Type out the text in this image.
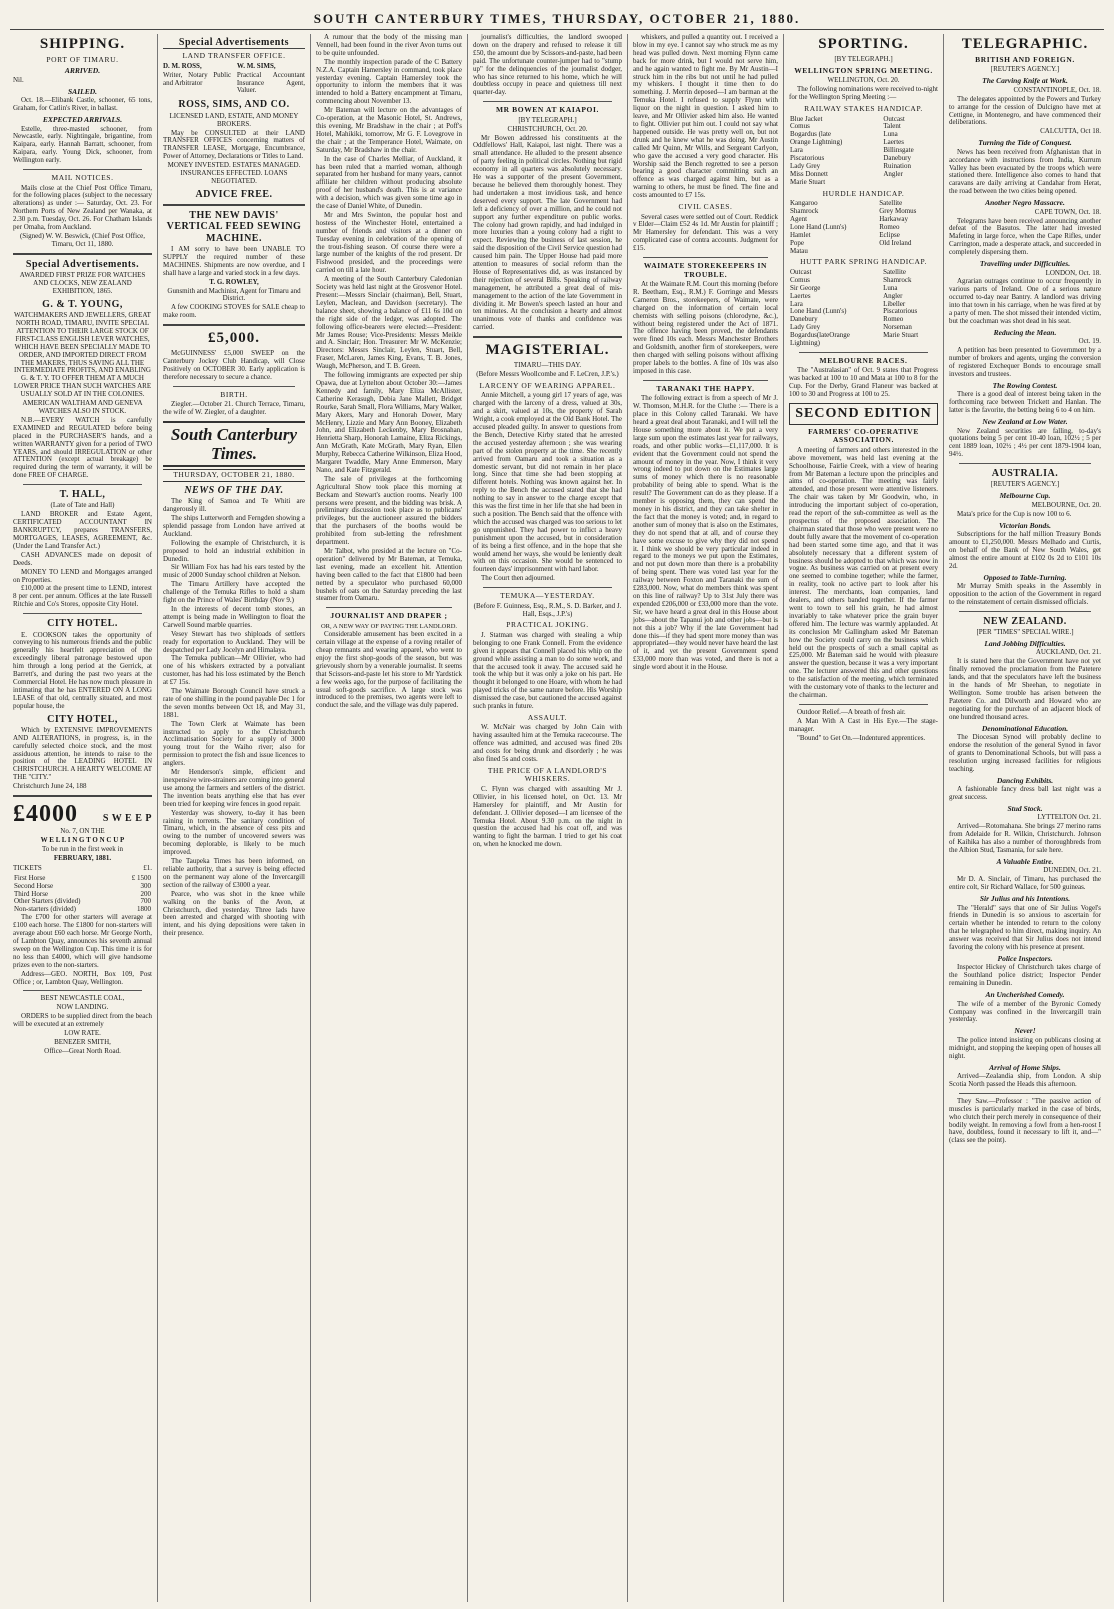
SOUTH CANTERBURY TIMES, THURSDAY, OCTOBER 21, 1880.
SHIPPING.
PORT OF TIMARU.
ARRIVED.

Nil.

SAILED.

Oct. 18.—Elibank Castle, schooner, 65 tons, Graham, for Catlin's River, in ballast.

EXPECTED ARRIVALS.

Estelle, three-masted schooner, from Newcastle, early. Nightingale, brigantine, from Kaipara, early. Hannah Barratt, schooner, from Kaipara, early. Young Dick, schooner, from Wellington early.

MAIL NOTICES.

Mails close at the Chief Post Office Timaru, for the following places (subject to the necessary alterations) as under :— Saturday, Oct. 23. For Northern Ports of New Zealand per Wanaka, at 2.30 p.m. Tuesday, Oct. 26. For Chatham Islands per Omaha, from Auckland.

(Signed) W. W. Beswick, (Chief Post Office, Timaru, Oct 11, 1880.

Special Advertisements.

AWARDED FIRST PRIZE FOR WATCHES AND CLOCKS, NEW ZEALAND EXHIBITION, 1865.

G. & T. YOUNG,

WATCHMAKERS AND JEWELLERS, GREAT NORTH ROAD, TIMARU, INVITE SPECIAL ATTENTION TO THEIR LARGE STOCK OF FIRST-CLASS ENGLISH LEVER WATCHES, WHICH HAVE BEEN SPECIALLY MADE TO ORDER, AND IMPORTED DIRECT FROM THE MAKERS, THUS SAVING ALL THE INTERMEDIATE PROFITS, AND ENABLING G. & T. Y. TO OFFER THEM AT A MUCH LOWER PRICE THAN SUCH WATCHES ARE USUALLY SOLD AT IN THE COLONIES.

AMERICAN WALTHAM AND GENEVA WATCHES ALSO IN STOCK.

N.B.—EVERY WATCH is carefully EXAMINED and REGULATED before being placed in the PURCHASER'S hands, and a written WARRANTY given for a period of TWO YEARS, and should IRREGULATION or other ATTENTION (except actual breakage) be required during the term of warranty, it will be done FREE OF CHARGE.

T. HALL,

(Late of Tate and Hall)

LAND BROKER and Estate Agent, CERTIFICATED ACCOUNTANT IN BANKRUPTCY, prepares TRANSFERS, MORTGAGES, LEASES, AGREEMENT, &c. (Under the Land Transfer Act.)

CASH ADVANCES made on deposit of Deeds.

MONEY TO LEND and Mortgages arranged on Properties.

£10,000 at the present time to LEND, interest 8 per cent. per annum. Offices at the late Russell Ritchie and Co's Stores, opposite City Hotel.

CITY HOTEL.

E. COOKSON takes the opportunity of conveying to his numerous friends and the public generally his heartfelt appreciation of the exceedingly liberal patronage bestowed upon him through a long period at the Gerrick, at Barrett's, and during the past two years at the Commercial Hotel. He has now much pleasure in intimating that he has ENTERED ON A LONG LEASE of that old, centrally situated, and most popular house, the

CITY HOTEL,

Which by EXTENSIVE IMPROVEMENTS AND ALTERATIONS, in progress, is, in the carefully selected choice stock, and the most assiduous attention, he intends to raise to the position of the LEADING HOTEL IN CHRISTCHURCH. A HEARTY WELCOME AT THE "CITY."

Christchurch June 24, 188

£4000 S W E E P

No. 7, ON THE

W E L L I N G T O N C U P

To be run in the first week in

FEBRUARY, 1881.

TICKETS	£1.
First Horse	£ 1500
Second Horse	300
Third Horse	200
Other Starters (divided)	700
Non-starters (divided)	1800

The £700 for other starters will average at £100 each horse. The £1800 for non-starters will average about £60 each horse. Mr George North, of Lambton Quay, announces his seventh annual sweep on the Wellington Cup. This time it is for no less than £4000, which will give handsome prizes even to the non-starters.

Address—GEO. NORTH, Box 109, Post Office ; or, Lambton Quay, Wellington.

BEST NEWCASTLE COAL,

NOW LANDING.

ORDERS to be supplied direct from the beach will be executed at an extremely

LOW RATE.

BENEZER SMITH,

Office—Great North Road.

Special Advertisements
LAND TRANSFER OFFICE.

D. M. ROSS,

Writer, Notary Public and Arbitrator

W. M. SIMS,

Practical Accountant Insurance Agent, Valuer.

ROSS, SIMS, AND CO.

LICENSED LAND, ESTATE, AND MONEY BROKERS.

May be CONSULTED at their LAND TRANSFER OFFICES concerning matters of TRANSFER LEASE, Mortgage, Encumbrance, Power of Attorney, Declarations or Titles to Land.

MONEY INVESTED. ESTATES MANAGED. INSURANCES EFFECTED. LOANS NEGOTIATED.

ADVICE FREE.
THE NEW DAVIS' VERTICAL FEED SEWING MACHINE.

I AM sorry to have been UNABLE TO SUPPLY the required number of these MACHINES. Shipments are now overdue, and I shall have a large and varied stock in a few days.

T. G. ROWLEY,

Gunsmith and Machinist, Agent for Timaru and District.

A few COOKING STOVES for SALE cheap to make room.

£5,000.

McGUINNESS' £5,000 SWEEP on the Canterbury Jockey Club Handicap, will Close Positively on OCTOBER 30. Early application is therefore necessary to secure a chance.

BIRTH.

Ziegler.—October 21. Church Terrace, Timaru, the wife of W. Ziegler, of a daughter.

South Canterbury Times.
THURSDAY, OCTOBER 21, 1880.
NEWS OF THE DAY.

The King of Samoa and Te Whiti are dangerously ill.

The ships Lutterworth and Ferngden showing a splendid passage from London have arrived at Auckland.

Following the example of Christchurch, it is proposed to hold an industrial exhibition in Dunedin.

Sir William Fox has had his ears tested by the music of 2000 Sunday school children at Nelson.

The Timaru Artillery have accepted the challenge of the Temuka Rifles to hold a sham fight on the Prince of Wales' Birthday (Nov 9.)

In the interests of decent tomb stones, an attempt is being made in Wellington to float the Carwell Sound marble quarries.

Vesey Stewart has two shiploads of settlers ready for exportation to Auckland. They will be despatched per Lady Jocelyn and Himalaya.

The Temuka publican—Mr Ollivier, who had one of his whiskers extracted by a potvaliant customer, has had his loss estimated by the Bench at £7 15s.

The Waimate Borough Council have struck a rate of one shilling in the pound payable Dec 1 for the seven months between Oct 18, and May 31, 1881.

The Town Clerk at Waimate has been instructed to apply to the Christchurch Acclimatisation Society for a supply of 3000 young trout for the Waiho river; also for permission to protect the fish and issue licences to anglers.

Mr Henderson's simple, efficient and inexpensive wire-strainers are coming into general use among the farmers and settlers of the district. The invention beats anything else that has ever been tried for keeping wire fences in good repair.

Yesterday was showery, to-day it has been raining in torrents. The sanitary condition of Timaru, which, in the absence of cess pits and owing to the number of uncovered sewers was becoming deplorable, is likely to be much improved.

The Taupeka Times has been informed, on reliable authority, that a survey is being effected on the permanent way alone of the Invercargill section of the railway of £3000 a year.

Pearce, who was shot in the knee while walking on the banks of the Avon, at Christchurch, died yesterday. Three lads have been arrested and charged with shooting with intent, and his dying depositions were taken in their presence.

A rumour that the body of the missing man Vennell, had been found in the river Avon turns out to be quite unfounded.

The monthly inspection parade of the C Battery N.Z.A. Captain Hamersley in command, took place yesterday evening. Captain Hamersley took the opportunity to inform the members that it was intended to hold a Battery encampment at Timaru, commencing about November 13.

Mr Bateman will lecture on the advantages of Co-operation, at the Masonic Hotel, St. Andrews, this evening, Mr Bradshaw in the chair ; at Poff's Hotel, Mahikiki, tomorrow, Mr G. F. Lovegrove in the chair ; at the Temperance Hotel, Waimate, on Saturday, Mr Bradshaw in the chair.

In the case of Charles Melliar, of Auckland, it has been ruled that a married woman, although separated from her husband for many years, cannot affiliate her children without producing absolute proof of her husband's death. This is at variance with a decision, which was given some time ago in the case of Daniel White, of Dunedin.

Mr and Mrs Swinton, the popular host and hostess of the Winchester Hotel, entertained a number of friends and visitors at a dinner on Tuesday evening in celebration of the opening of the trout-fishing season. Of course there were a large number of the knights of the rod present. Dr Fishwood presided, and the proceedings were carried on till a late hour.

A meeting of the South Canterbury Caledonian Society was held last night at the Grosvenor Hotel. Present:—Messrs Sinclair (chairman), Bell, Stuart, Leylen, Maclean, and Davidson (secretary). The balance sheet, showing a balance of £11 6s 10d on the right side of the ledger, was adopted. The following office-bearers were elected:—President: Mr James Rouse; Vice-Presidents: Messrs Meikle and A. Sinclair; Hon. Treasurer: Mr W. McKenzie; Directors: Messrs Sinclair, Leylen, Stuart, Bell, Fraser, McLaren, James King, Evans, T. B. Jones, Waugh, McPherson, and T. B. Green.

The following immigrants are expected per ship Opawa, due at Lyttelton about October 30:—James Kennedy and family, Mary Eliza McAllister, Catherine Kerasugh, Debia Jane Mallett, Bridget Rourke, Sarah Small, Flora Williams, Mary Walker, Mary Akers, Mary and Honorah Dower, Mary McHenry, Lizzie and Mary Ann Booney, Elizabeth John, and Elizabeth Leckenby, Mary Brosnahan, Henrietta Sharp, Honorah Lamaine, Eliza Rickings, Ann McGrath, Kate McGrath, Mary Ryan, Ellen Murphy, Rebecca Catherine Wilkinson, Eliza Hood, Margaret Twaddle, Mary Anne Emmerson, Mary Nano, and Kate Fitzgerald.

The sale of privileges at the forthcoming Agricultural Show took place this morning at Beckam and Stewart's auction rooms. Nearly 100 persons were present, and the bidding was brisk. A preliminary discussion took place as to publicans' privileges, but the auctioneer assured the bidders that the purchasers of the booths would be prohibited from sub-letting the refreshment department.

Mr Talbot, who presided at the lecture on "Co-operation" delivered by Mr Bateman, at Temuka, last evening, made an excellent hit. Attention having been called to the fact that £1800 had been netted by a speculator who purchased 60,000 bushels of oats on the Saturday preceding the last steamer from Oamaru.

JOURNALIST AND DRAPER ;

OR, A NEW WAY OF PAYING THE LANDLORD.

Considerable amusement has been excited in a certain village at the expense of a roving retailer of cheap remnants and wearing apparel, who went to enjoy the first shop-goods of the season, but was grievously shorn by a venerable journalist. It seems that Scissors-and-paste let his store to Mr Yardstick a few weeks ago, for the purpose of facilitating the usual soft-goods sacrifice. A large stock was introduced to the premises, two agents were left to conduct the sale, and the village was duly papered.

journalist's difficulties, the landlord swooped down on the drapery and refused to release it till £50, the amount due by Scissors-and-paste, had been paid. The unfortunate counter-jumper had to "stump up" for the delinquencies of the journalist dodger, who has since returned to his home, which he will doubtless occupy in peace and quietness till next quarter-day.

MR BOWEN AT KAIAPOI.

[BY TELEGRAPH.]

CHRISTCHURCH, Oct. 20.

Mr Bowen addressed his constituents at the Oddfellows' Hall, Kaiapoi, last night. There was a small attendance. He alluded to the present absence of party feeling in political circles. Nothing but rigid economy in all quarters was absolutely necessary. He was a supporter of the present Government, because he believed them thoroughly honest. They had undertaken a most invidious task, and hence deserved every support. The late Government had left a deficiency of over a million, and he could not support any further expenditure on public works. The colony had grown rapidly, and had indulged in more luxuries than a young colony had a right to expect. Reviewing the business of last session, he said the disposition of the Civil Service question had caused him pain. The Upper House had paid more attention to measures of social reform than the House of Representatives did, as was instanced by their rejection of several Bills. Speaking of railway management, he attributed a great deal of mis-management to the action of the late Government in dividing it. Mr Bowen's speech lasted an hour and ten minutes. At the conclusion a hearty and almost unanimous vote of thanks and confidence was carried.

MAGISTERIAL.

TIMARU—THIS DAY.

(Before Messrs Woollcombe and F. LeCren, J.P.'s.)

LARCENY OF WEARING APPAREL.

Annie Mitchell, a young girl 17 years of age, was charged with the larceny of a dress, valued at 30s, and a skirt, valued at 10s, the property of Sarah Wright, a cook employed at the Old Bank Hotel. The accused pleaded guilty. In answer to questions from the Bench, Detective Kirby stated that he arrested the accused yesterday afternoon ; she was wearing part of the stolen property at the time. She recently arrived from Oamaru and took a situation as a domestic servant, but did not remain in her place long. Since that time she had been stopping at different hotels. Nothing was known against her. In reply to the Bench the accused stated that she had nothing to say in answer to the charge except that this was the first time in her life that she had been in such a position. The Bench said that the offence with which the accused was charged was too serious to let go unpunished. They had power to inflict a heavy punishment upon the accused, but in consideration of its being a first offence, and in the hope that she would amend her ways, she would be leniently dealt with on this occasion. She would be sentenced to fourteen days' imprisonment with hard labor.

The Court then adjourned.

TEMUKA—YESTERDAY.

(Before F. Guinness, Esq., R.M., S. D. Barker, and J. Hall, Esqs., J.P.'s)

PRACTICAL JOKING.

J. Statman was charged with stealing a whip belonging to one Frank Connell. From the evidence given it appears that Connell placed his whip on the ground while assisting a man to do some work, and that the accused took it away. The accused said he took the whip but it was only a joke on his part. He thought it belonged to one Hoare, with whom he had played tricks of the same nature before. His Worship dismissed the case, but cautioned the accused against such pranks in future.

ASSAULT.

W. McNair was charged by John Cain with having assaulted him at the Temuka racecourse. The offence was admitted, and accused was fined 20s and costs for being drunk and disorderly ; he was also fined 5s and costs.

THE PRICE OF A LANDLORD'S WHISKERS.

C. Flynn was charged with assaulting Mr J. Ollivier, in his licensed hotel, on Oct. 13. Mr Hamersley for plaintiff, and Mr Austin for defendant. J. Ollivier deposed—I am licensee of the Temuka Hotel. About 9.30 p.m. on the night in question the accused had his coat off, and was wanting to fight the barman. I tried to get his coat on, when he knocked me down.

whiskers, and pulled a quantity out. I received a blow in my eye. I cannot say who struck me as my head was pulled down. Next morning Flynn came back for more drink, but I would not serve him, and he again wanted to fight me. By Mr Austin—I struck him in the ribs but not until he had pulled my whiskers. I thought it time then to do something. J. Merrin deposed—I am barman at the Temuka Hotel. I refused to supply Flynn with liquor on the night in question. I asked him to leave, and Mr Ollivier asked him also. He wanted to fight. Ollivier put him out. I could not say what happened outside. He was pretty well on, but not drunk and he knew what he was doing. Mr Austin called Mr Quinn, Mr Wills, and Sergeant Carlyon, who gave the accused a very good character. His Worship said the Bench regretted to see a person bearing a good character committing such an offence as was charged against him, but as a warning to others, he must be fined. The fine and costs amounted to £7 15s.

CIVIL CASES.

Several cases were settled out of Court. Reddick v Elder—Claim £52 4s 1d. Mr Austin for plaintiff ; Mr Hamersley for defendant. This was a very complicated case of contra accounts. Judgment for £15.

WAIMATE STOREKEEPERS IN TROUBLE.

At the Waimate R.M. Court this morning (before R. Beetham, Esq., R.M.) F. Gorringe and Messrs Cameron Bros., storekeepers, of Waimate, were charged on the information of certain local chemists with selling poisons (chlorodyne, &c.), without being registered under the Act of 1871. The offence having been proved, the defendants were fined 10s each. Messrs Manchester Brothers and Goldsmith, another firm of storekeepers, were then charged with selling poisons without affixing proper labels to the bottles. A fine of 10s was also imposed in this case.

TARANAKI THE HAPPY.

The following extract is from a speech of Mr J. W. Thomson, M.H.R. for the Cluthe :— There is a place in this Colony called Taranaki. We have heard a great deal about Taranaki, and I will tell the House something more about it. We put a very large sum upon the estimates last year for railways, roads, and other public works—£1,117,000. It is evident that the Government could not spend the amount of money in the year. Now, I think it very wrong indeed to put down on the Estimates large sums of money which there is no reasonable probability of being able to spend. What is the result? The Government can do as they please. If a member is opposing them, they can spend the money in his district, and they can take shelter in the fact that the money is voted; and, in regard to another sum of money that is also on the Estimates, they do not spend that at all, and of course they have some excuse to give why they did not spend it. I think we should be very particular indeed in regard to the moneys we put upon the Estimates, and not put down more than there is a probability of being spent. There was voted last year for the railway between Foxton and Taranaki the sum of £283,000. Now, what do members think was spent on this line of railway? Up to 31st July there was expended £206,000 or £33,000 more than the vote. Sir, we have heard a great deal in this House about jobs—about the Tapanui job and other jobs—but is not this a job? Why if the late Government had done this—if they had spent more money than was appropriated—they would never have heard the last of it, and yet the present Government spend £33,000 more than was voted, and there is not a single word about it in the House.

SPORTING.

[BY TELEGRAPH.]

WELLINGTON SPRING MEETING.

WELLINGTON, Oct. 20.

The following nominations were received to-night for the Wellington Spring Meeting :—

RAILWAY STAKES HANDICAP.
Blue Jacket	Outcast
Comus	Talent
Bogardus (late	Luna
Orange Lightning)	Laertes
Lara	Billinsgate
Piscatorious	Danebury
Lady Grey	Ruination
Miss Donnett	Angler
Marie Stuart	
HURDLE HANDICAP.
Kangaroo	Satellite
Shamrock	Grey Momus
Agent	Harkaway
Lone Hand (Lunn's)	Romeo
Hamlet	Eclipse
Pope	Old Ireland
Matau	
HUTT PARK SPRING HANDICAP.
Outcast	Satellite
Comus	Shamrock
Sir George	Luna
Laertes	Angler
Lara	Libeller
Lone Hand (Lunn's)	Piscatorious
Danebury	Romeo
Lady Grey	Norseman
Bogardus(lateOrange	Marie Stuart
Lightning)	
MELBOURNE RACES.

The "Australasian" of Oct. 9 states that Progress was backed at 100 to 10 and Mata at 100 to 8 for the Cup. For the Derby, Grand Flaneur was backed at 100 to 30 and Progress at 100 to 25.

SECOND EDITION
FARMERS' CO-OPERATIVE ASSOCIATION.

A meeting of farmers and others interested in the above movement, was held last evening at the Schoolhouse, Fairlie Creek, with a view of hearing from Mr Bateman a lecture upon the principles and aims of co-operation. The meeting was fairly attended, and those present were attentive listeners. The chair was taken by Mr Goodwin, who, in introducing the important subject of co-operation, read the report of the sub-committee as well as the prospectus of the proposed association. The chairman stated that those who were present were no doubt fully aware that the movement of co-operation had been started some time ago, and that it was absolutely necessary that a different system of business should be adopted to that which was now in vogue. As business was carried on at present every one seemed to combine together; while the farmer, in reality, took no active part to look after his interest. The merchants, loan companies, land dealers, and others banded together. If the farmer went to town to sell his grain, he had almost invariably to take whatever price the grain buyer offered him. The lecture was warmly applauded. At its conclusion Mr Gallingham asked Mr Bateman how the Society could carry on the business which held out the prospects of such a small capital as £25,000. Mr Bateman said he would with pleasure answer the question, because it was a very important one. The lecturer answered this and other questions to the satisfaction of the meeting, which terminated with the customary vote of thanks to the lecturer and the chairman.

Outdoor Relief.—A breath of fresh air.

A Man With A Cast in His Eye.—The stage-manager.

"Bound" to Get On.—Indentured apprentices.

TELEGRAPHIC.
BRITISH AND FOREIGN.

[REUTER'S AGENCY.]

The Carving Knife at Work.

CONSTANTINOPLE, Oct. 18.

The delegates appointed by the Powers and Turkey to arrange for the cession of Dulcigno have met at Cettigne, in Montenegro, and have commenced their deliberations.

CALCUTTA, Oct 18.

Turning the Tide of Conquest.

News has been received from Afghanistan that in accordance with instructions from India, Kurrum Valley has been evacuated by the troops which were stationed there. Intelligence also comes to hand that caravans are daily arriving at Candahar from Herat, the road between the two cities being opened.

Another Negro Massacre.

CAPE TOWN, Oct. 18.

Telegrams have been received announcing another defeat of the Basutos. The latter had invested Mafeting in large force, when the Cape Rifles, under Carrington, made a desperate attack, and succeeded in completely dispersing them.

Travelling under Difficulties.

LONDON, Oct. 18.

Agrarian outrages continue to occur frequently in various parts of Ireland. One of a serious nature occurred to-day near Bantry. A landlord was driving into that town in his carriage, when he was fired at by a party of men. The shot missed their intended victim, but the coachman was shot dead in his seat.

Reducing the Mean.

Oct. 19.

A petition has been presented to Government by a number of brokers and agents, urging the conversion of registered Exchequer Bonds to encourage small investors and trustees.

The Rowing Contest.

There is a good deal of interest being taken in the forthcoming race between Trickett and Hanlan. The latter is the favorite, the betting being 6 to 4 on him.

New Zealand at Low Water.

New Zealand securities are falling, to-day's quotations being 5 per cent 10-40 loan, 102½ ; 5 per cent 1889 loan, 102½ ; 4½ per cent 1879-1904 loan, 94½.

AUSTRALIA.

[REUTER'S AGENCY.]

Melbourne Cup.

MELBOURNE, Oct. 20.

Mata's price for the Cup is now 100 to 6.

Victorian Bonds.

Subscriptions for the half million Treasury Bonds amount to £1,250,000. Messrs Melhado and Curtis, on behalf of the Bank of New South Wales, get almost the entire amount at £102 0s 2d to £101 10s 2d.

Opposed to Table-Turning.

Mr Murray Smith speaks in the Assembly in opposition to the action of the Government in regard to the reinstatement of certain dismissed officials.

NEW ZEALAND.

[PER "TIMES" SPECIAL WIRE.]

Land Jobbing Difficulties.

AUCKLAND, Oct. 21.

It is stated here that the Government have not yet finally removed the proclamation from the Patetere lands, and that the speculators have left the business in the hands of Mr Sheehan, to negotiate in Wellington. Some trouble has arisen between the Patetere Co. and Dilworth and Howard who are negotiating for the purchase of an adjacent block of one hundred thousand acres.

Denominational Education.

The Diocesan Synod will probably decline to endorse the resolution of the general Synod in favor of grants to Denominational Schools, but will pass a resolution urging increased facilities for religious teaching.

Dancing Exhibits.

A fashionable fancy dress ball last night was a great success.

Stud Stock.

LYTTELTON Oct. 21.

Arrived—Rotomahana. She brings 27 merino rams from Adelaide for R. Wilkin, Christchurch. Johnson of Kaihika has also a number of thoroughbreds from the Albion Stud, Tasmania, for sale here.

A Valuable Entire.

DUNEDIN, Oct. 21.

Mr D. A. Sinclair, of Timaru, has purchased the entire colt, Sir Richard Wallace, for 500 guineas.

Sir Julius and his Intentions.

The "Herald" says that one of Sir Julius Vogel's friends in Dunedin is so anxious to ascertain for certain whether he intended to return to the colony that he telegraphed to him direct, making inquiry. An answer was received that Sir Julius does not intend favoring the colony with his presence at present.

Police Inspectors.

Inspector Hickey of Christchurch takes charge of the Southland police district; Inspector Pender remaining in Dunedin.

An Uncherished Comedy.

The wife of a member of the Byronic Comedy Company was confined in the Invercargill train yesterday.

Never!

The police intend insisting on publicans closing at midnight, and stopping the keeping open of houses all night.

Arrival of Home Ships.

Arrived—Zealandia ship, from London. A ship Scotia North passed the Heads this afternoon.

They Saw.—Professor : "The passive action of muscles is particularly marked in the case of birds, who clutch their perch merely in consequence of their bodily weight. In removing a fowl from a hen-roost I have, doubtless, found it necessary to lift it, and—" (class see the point).
